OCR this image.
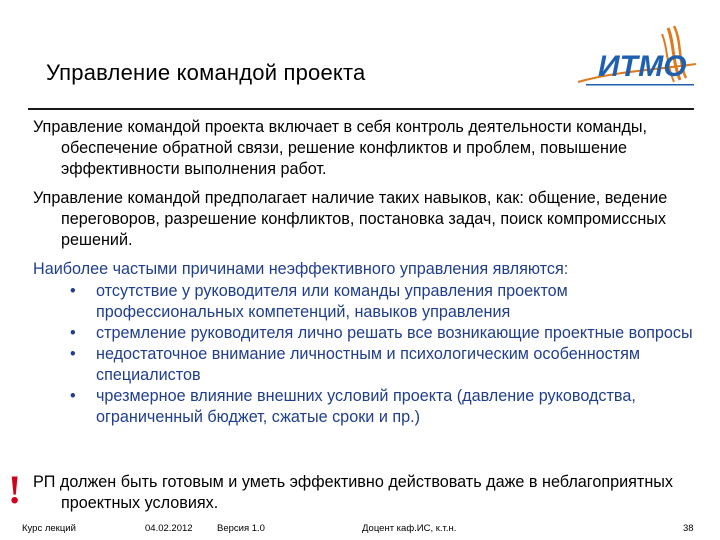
Управление командой проекта	ИТМО

Управление командой проекта включает в себя контроль деятельности команды, обеспечение обратной связи, решение конфликтов и проблем, повышение эффективности выполнения работ.

Управление командой предполагает наличие таких навыков, как: общение, ведение переговоров, разрешение конфликтов, постановка задач, поиск компромиссных решений.

Наиболее частыми причинами неэффективного управления являются:

• отсутствие у руководителя или команды управления проектом профессиональных компетенций, навыков управления
• стремление руководителя лично решать все возникающие проектные вопросы
• недостаточное внимание личностным и психологическим особенностям специалистов
• чрезмерное влияние внешних условий проекта (давление руководства, ограниченный бюджет, сжатые сроки и пр.)
! РП должен быть готовым и уметь эффективно действовать даже в неблагоприятных проектных условиях.
Курс лекций	04.02.2012	Версия 1.0	Доцент каф.ИС, к.т.н.	38
